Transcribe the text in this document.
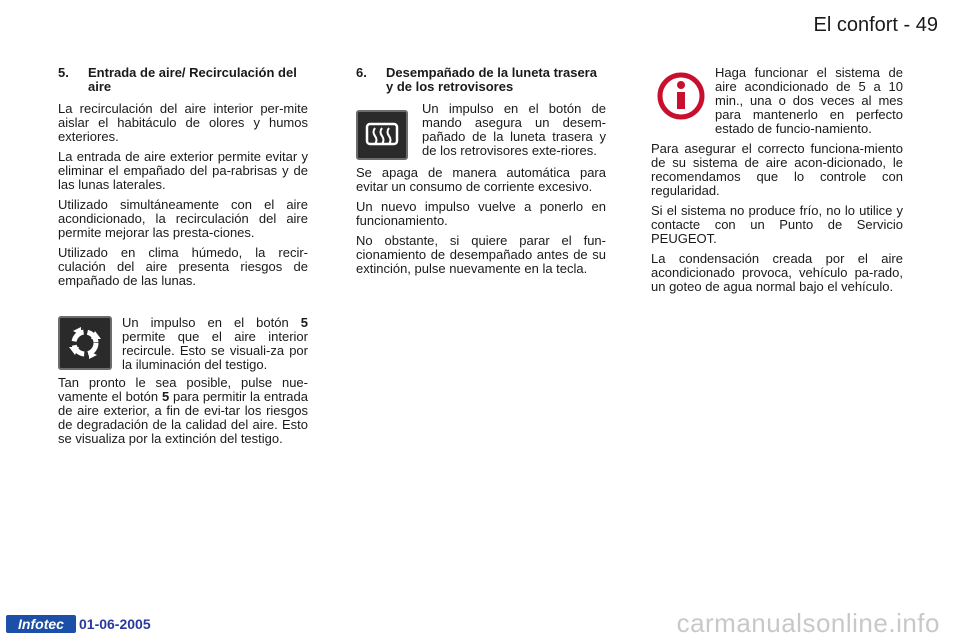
El confort - 49
5.	Entrada de aire/ Recirculación del aire

La recirculación del aire interior per-mite aislar el habitáculo de olores y humos exteriores.

La entrada de aire exterior permite evitar y eliminar el empañado del pa-rabrisas y de las lunas laterales.

Utilizado simultáneamente con el aire acondicionado, la recirculación del aire permite mejorar las presta-ciones.

Utilizado en clima húmedo, la recir-culación del aire presenta riesgos de empañado de las lunas.

Un impulso en el botón 5 permite que el aire interior recircule. Esto se visuali-za por la iluminación del testigo.

Tan pronto le sea posible, pulse nue-vamente el botón 5 para permitir la entrada de aire exterior, a fin de evi-tar los riesgos de degradación de la calidad del aire. Esto se visualiza por la extinción del testigo.

6.	Desempañado de la luneta trasera y de los retrovisores
Un impulso en el botón de mando asegura un desem-pañado de la luneta trasera y de los retrovisores exte-riores.

Se apaga de manera automática para evitar un consumo de corriente excesivo.

Un nuevo impulso vuelve a ponerlo en funcionamiento.

No obstante, si quiere parar el fun-cionamiento de desempañado antes de su extinción, pulse nuevamente en la tecla.

Haga funcionar el sistema de aire acondicionado de 5 a 10 min., una o dos veces al mes para mantenerlo en perfecto estado de funcio-namiento.

Para asegurar el correcto funciona-miento de su sistema de aire acon-dicionado, le recomendamos que lo controle con regularidad.

Si el sistema no produce frío, no lo utilice y contacte con un Punto de Servicio PEUGEOT.

La condensación creada por el aire acondicionado provoca, vehículo pa-rado, un goteo de agua normal bajo el vehículo.

Infotec	01-06-2005	carmanualsonline.info
